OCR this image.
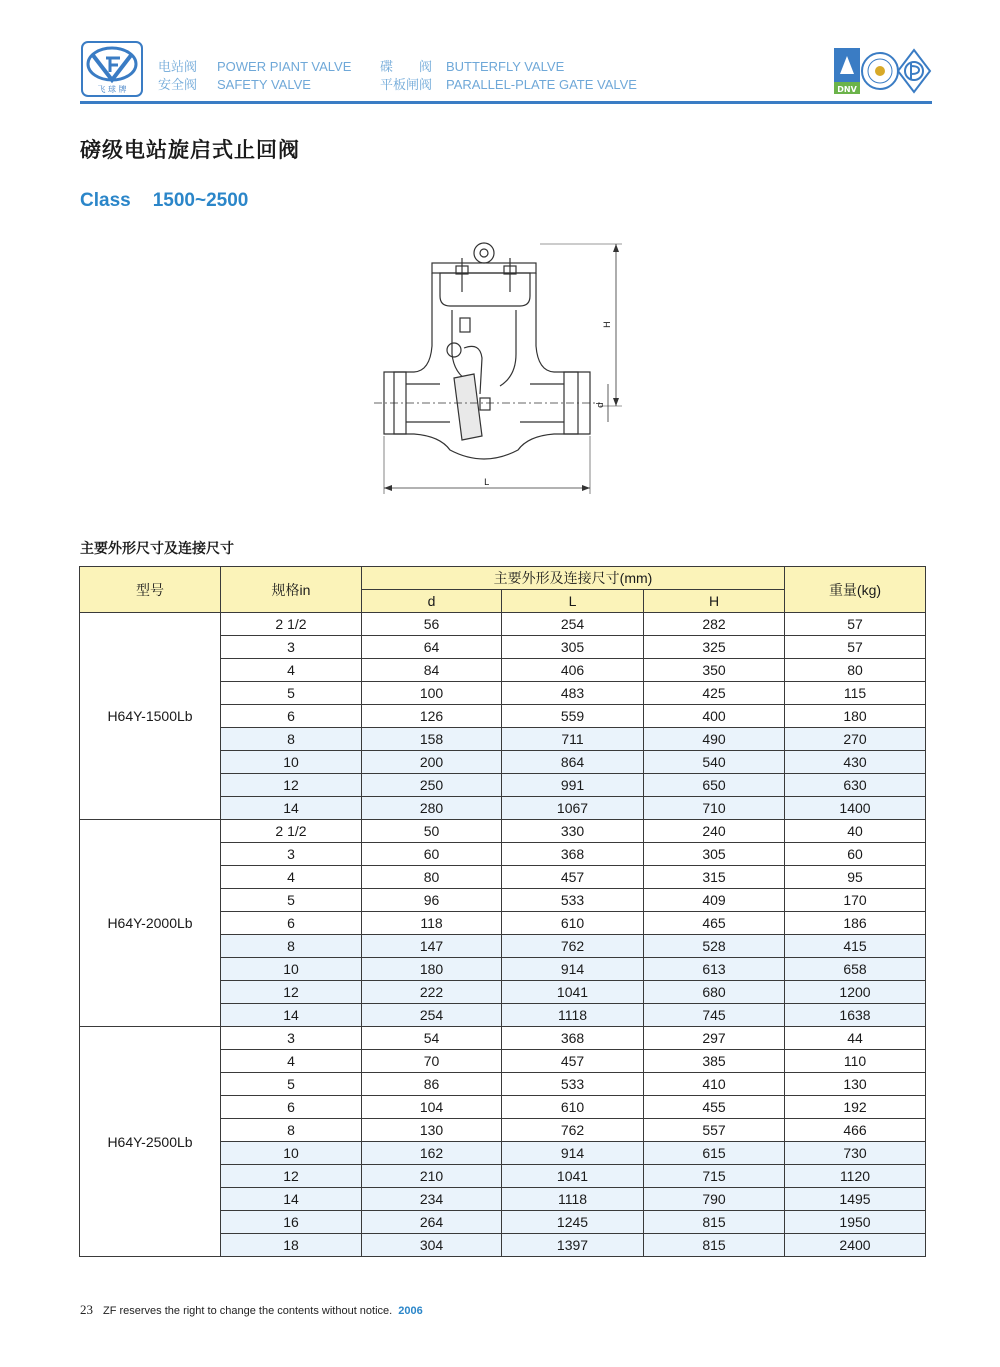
飞 球 牌
电站阀
安全阀
POWER PIANT VALVE
SAFETY VALVE
碟　　阀
平板闸阀
BUTTERFLY VALVE
PARALLEL-PLATE GATE VALVE	DNV
磅级电站旋启式止回阀
Class 1500~2500
H
d
L
主要外形尺寸及连接尺寸
型号	规格in	主要外形及连接尺寸(mm)			重量(kg)
		d	L	H	
H64Y-1500Lb	2 1/2	56	254	282	57
	3	64	305	325	57
	4	84	406	350	80
	5	100	483	425	115
	6	126	559	400	180
	8	158	711	490	270
	10	200	864	540	430
	12	250	991	650	630
	14	280	1067	710	1400
H64Y-2000Lb	2 1/2	50	330	240	40
	3	60	368	305	60
	4	80	457	315	95
	5	96	533	409	170
	6	118	610	465	186
	8	147	762	528	415
	10	180	914	613	658
	12	222	1041	680	1200
	14	254	1118	745	1638
H64Y-2500Lb	3	54	368	297	44
	4	70	457	385	110
	5	86	533	410	130
	6	104	610	455	192
	8	130	762	557	466
	10	162	914	615	730
	12	210	1041	715	1120
	14	234	1118	790	1495
	16	264	1245	815	1950
	18	304	1397	815	2400
23 ZF reserves the right to change the contents without notice. 2006
